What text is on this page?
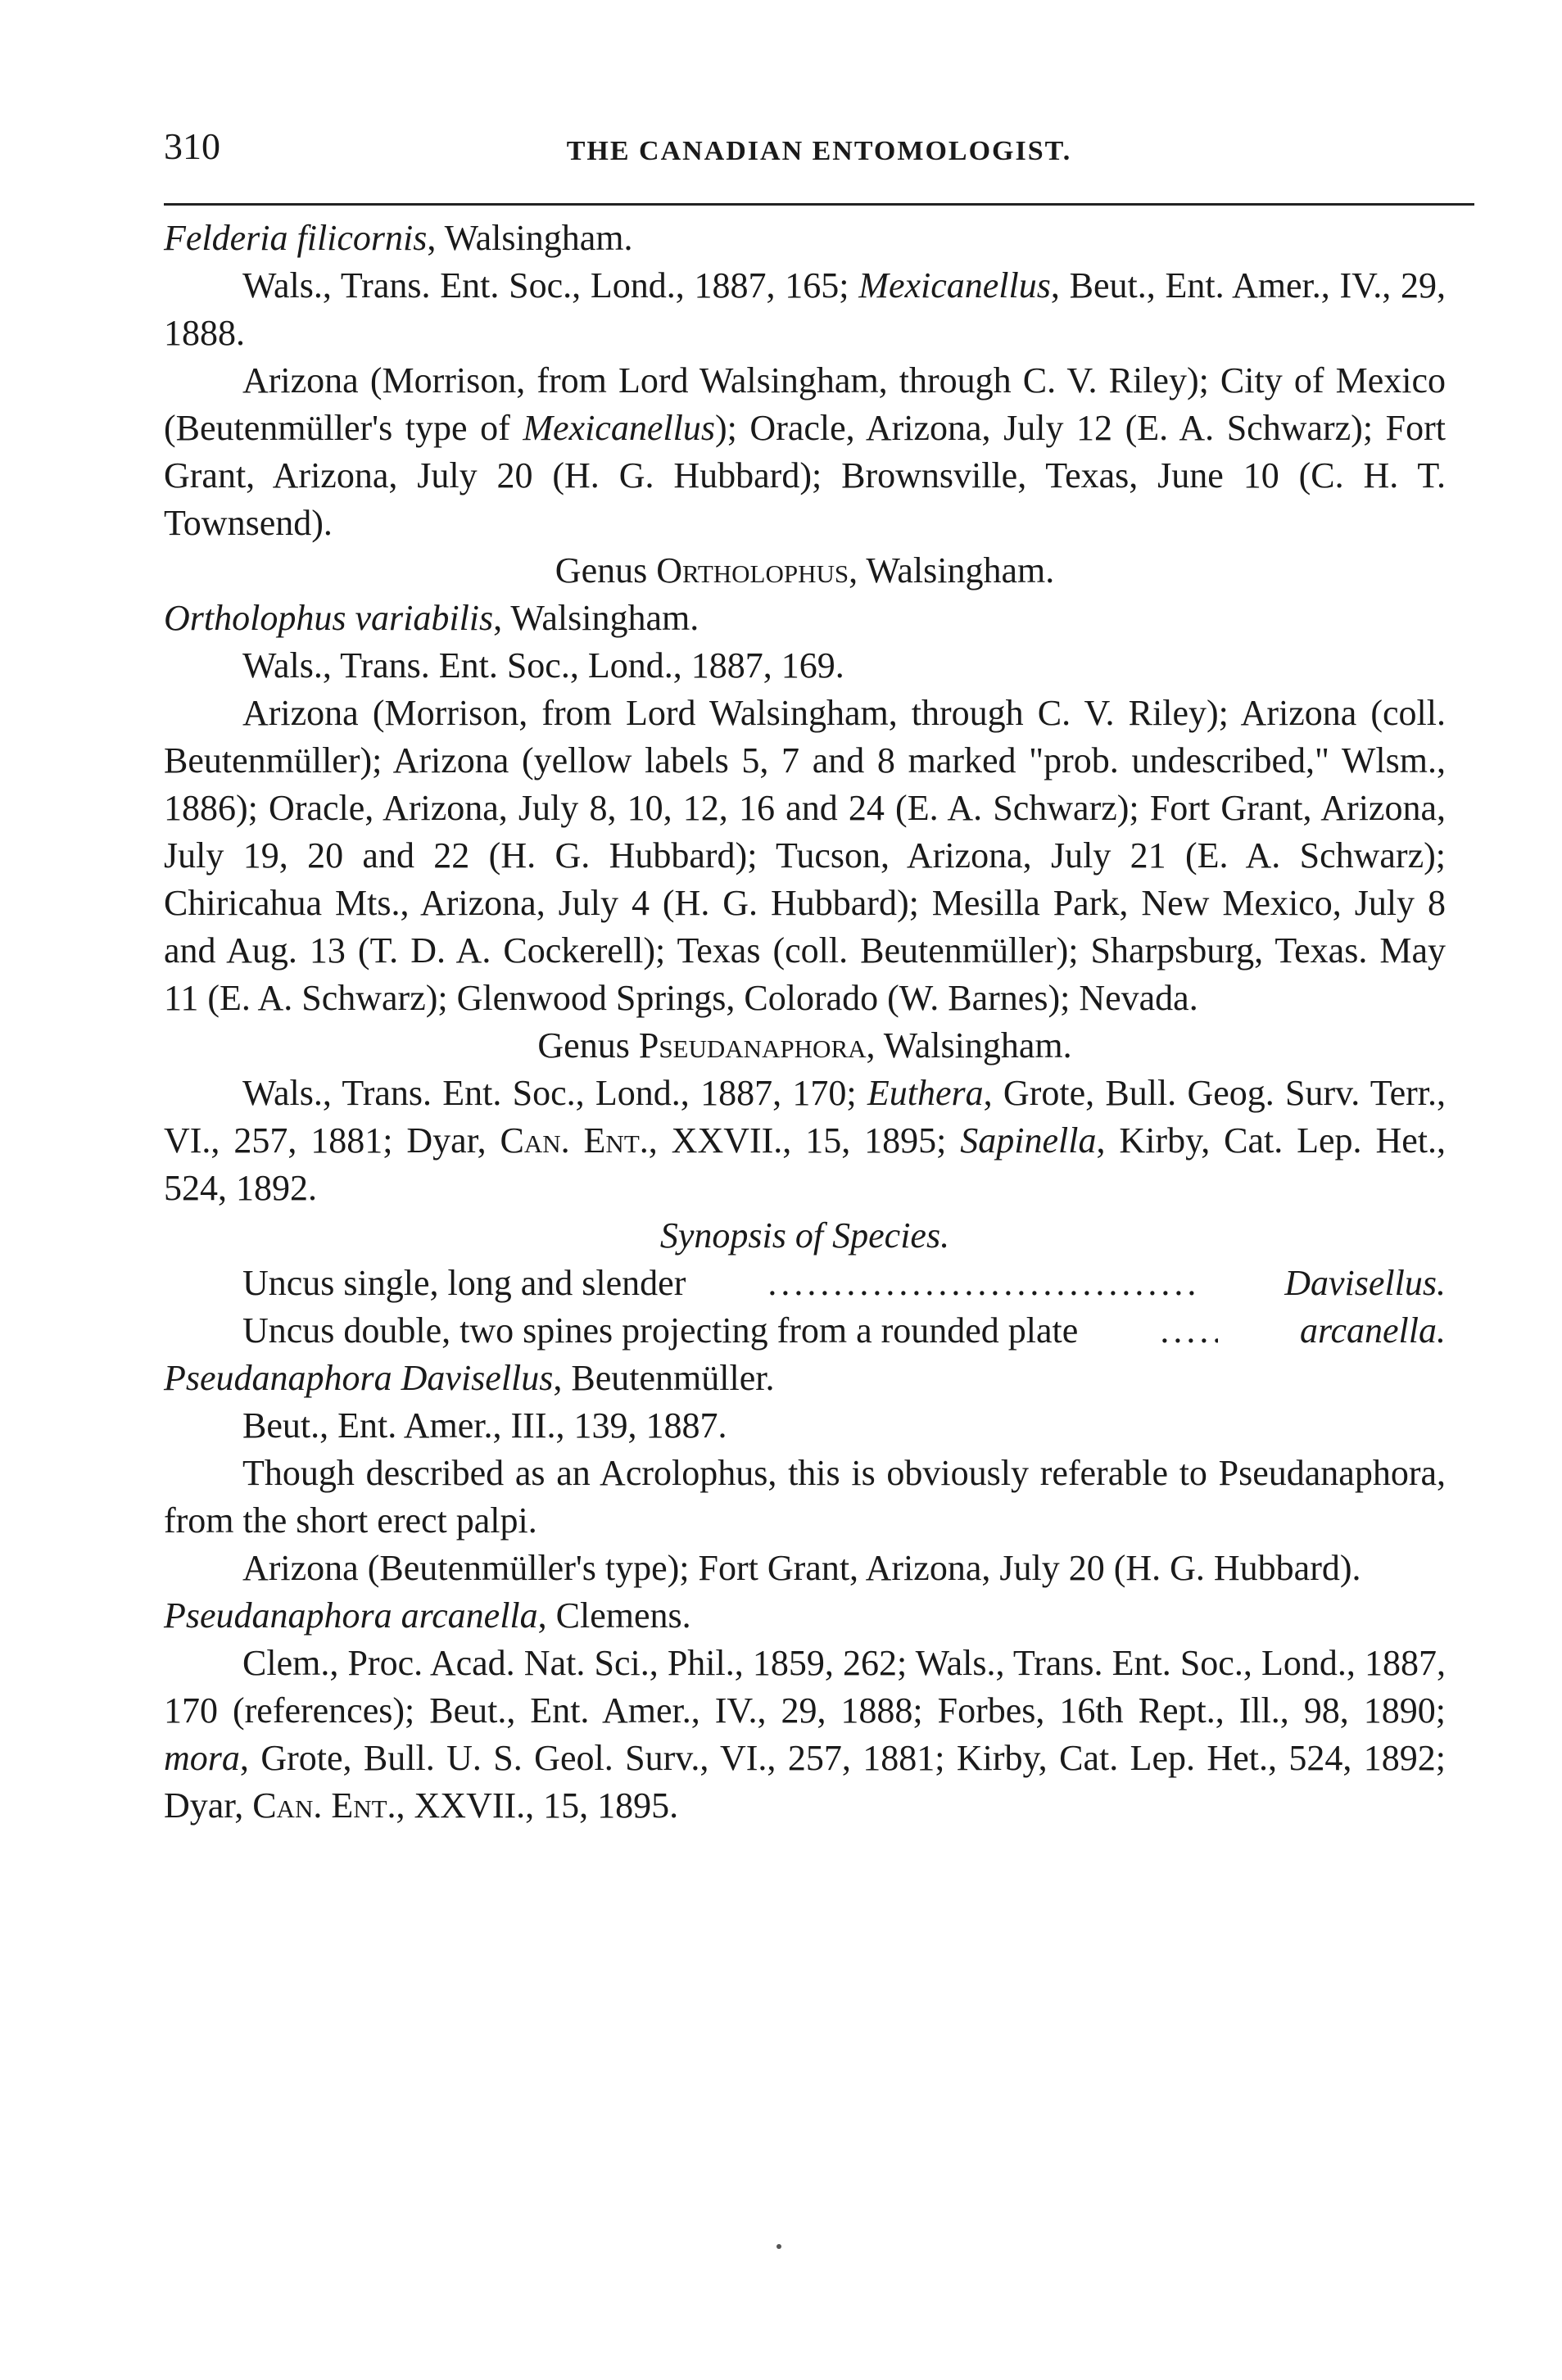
310	THE CANADIAN ENTOMOLOGIST.

Felderia filicornis, Walsingham.

Wals., Trans. Ent. Soc., Lond., 1887, 165; Mexicanellus, Beut., Ent. Amer., IV., 29, 1888.

Arizona (Morrison, from Lord Walsingham, through C. V. Riley); City of Mexico (Beutenmüller's type of Mexicanellus); Oracle, Arizona, July 12 (E. A. Schwarz); Fort Grant, Arizona, July 20 (H. G. Hubbard); Brownsville, Texas, June 10 (C. H. T. Townsend).

Genus Ortholophus, Walsingham.

Ortholophus variabilis, Walsingham.

Wals., Trans. Ent. Soc., Lond., 1887, 169.

Arizona (Morrison, from Lord Walsingham, through C. V. Riley); Arizona (coll. Beutenmüller); Arizona (yellow labels 5, 7 and 8 marked "prob. undescribed," Wlsm., 1886); Oracle, Arizona, July 8, 10, 12, 16 and 24 (E. A. Schwarz); Fort Grant, Arizona, July 19, 20 and 22 (H. G. Hubbard); Tucson, Arizona, July 21 (E. A. Schwarz); Chiricahua Mts., Arizona, July 4 (H. G. Hubbard); Mesilla Park, New Mexico, July 8 and Aug. 13 (T. D. A. Cockerell); Texas (coll. Beutenmüller); Sharpsburg, Texas. May 11 (E. A. Schwarz); Glenwood Springs, Colorado (W. Barnes); Nevada.

Genus Pseudanaphora, Walsingham.

Wals., Trans. Ent. Soc., Lond., 1887, 170; Euthera, Grote, Bull. Geog. Surv. Terr., VI., 257, 1881; Dyar, Can. Ent., XXVII., 15, 1895; Sapinella, Kirby, Cat. Lep. Het., 524, 1892.

Synopsis of Species.

Uncus single, long and slender .....	Davisellus.

Uncus double, two spines projecting from a rounded plate .....	arcanella.

Pseudanaphora Davisellus, Beutenmüller.

Beut., Ent. Amer., III., 139, 1887.

Though described as an Acrolophus, this is obviously referable to Pseudanaphora, from the short erect palpi.

Arizona (Beutenmüller's type); Fort Grant, Arizona, July 20 (H. G. Hubbard).

Pseudanaphora arcanella, Clemens.

Clem., Proc. Acad. Nat. Sci., Phil., 1859, 262; Wals., Trans. Ent. Soc., Lond., 1887, 170 (references); Beut., Ent. Amer., IV., 29, 1888; Forbes, 16th Rept., Ill., 98, 1890; mora, Grote, Bull. U. S. Geol. Surv., VI., 257, 1881; Kirby, Cat. Lep. Het., 524, 1892; Dyar, Can. Ent., XXVII., 15, 1895.
